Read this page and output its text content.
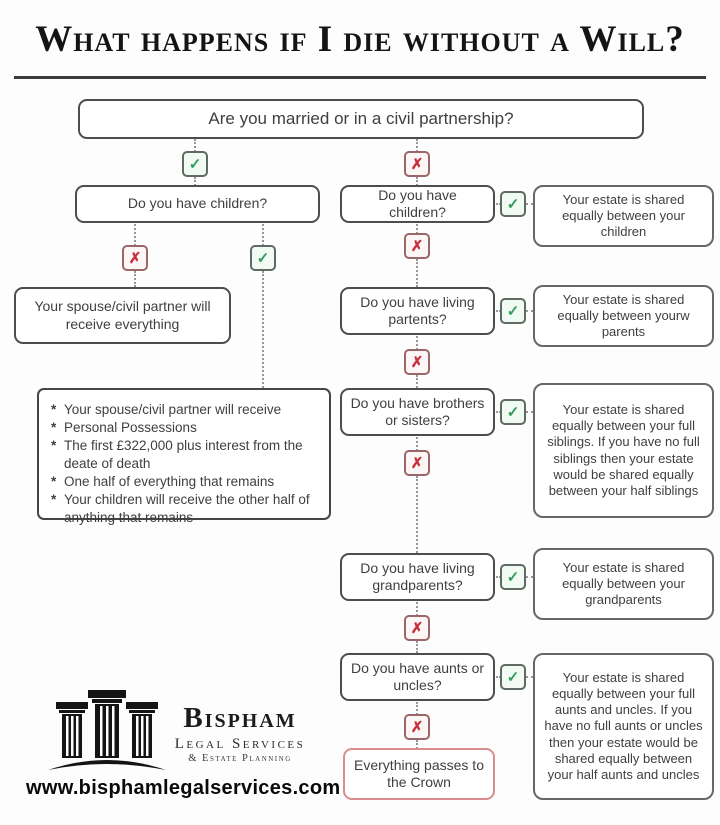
What happens if I die without a Will?
Are you married or in a civil partnership?
✓	✗
Do you have children?
✗	✓
Your spouse/civil partner will receive everything
* Your spouse/civil partner will receive
* Personal Possessions
* The first £322,000 plus interest from the deate of death
* One half of everything that remains
* Your children will receive the other half of anything that remains
Do you have children?	✓	Your estate is shared equally between your children
✗
Do you have living partents?	✓
Your estate is shared equally between yourw parents
✗
Do you have brothers or sisters?	✓	Your estate is shared equally between your full siblings. If you have no full siblings then your estate would be shared equally between your half siblings
✗
Do you have living grandparents?	✓
Your estate is shared equally between your grandparents
✗
Do you have aunts or uncles?	✓	Your estate is shared equally between your full aunts and uncles. If you have no full aunts or uncles then your estate would be shared equally between your half aunts and uncles
✗
Everything passes to the Crown
Bispham
Legal Services
& Estate Planning
www.bisphamlegalservices.com
